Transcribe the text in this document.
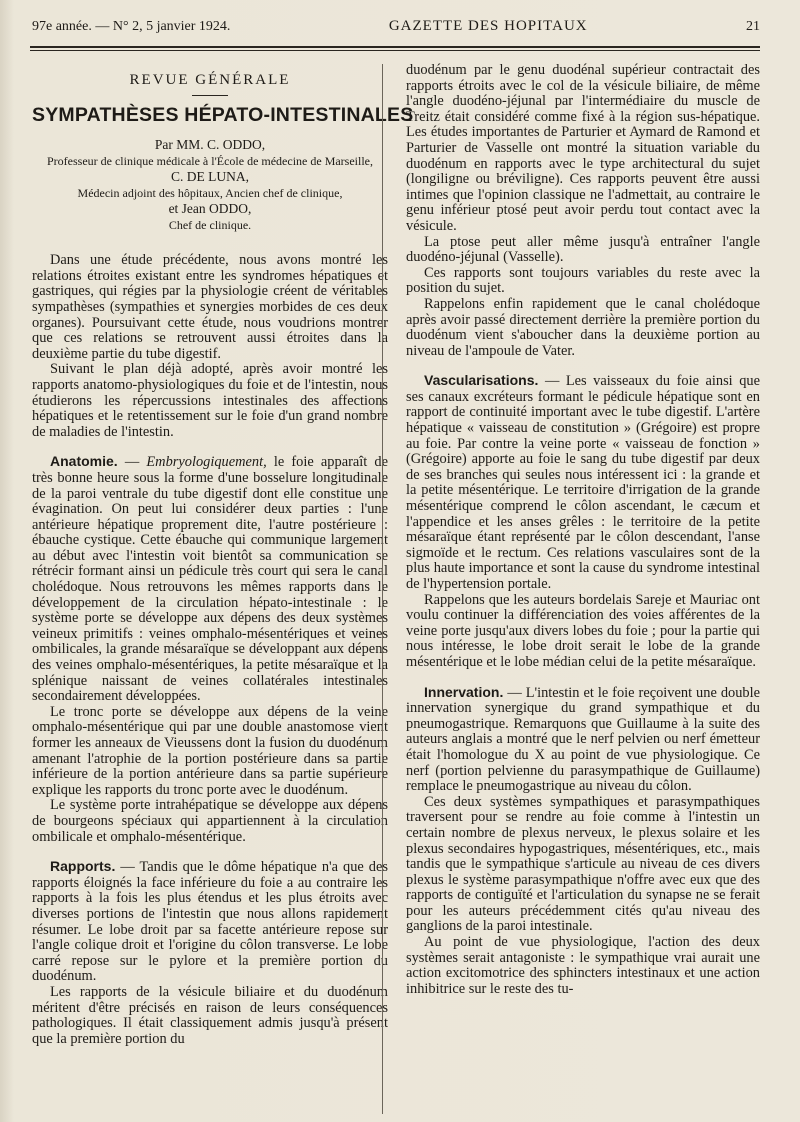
97e année. — N° 2, 5 janvier 1924.	GAZETTE DES HOPITAUX	21
REVUE GÉNÉRALE
SYMPATHÈSES HÉPATO-INTESTINALES
Par MM. C. ODDO,
Professeur de clinique médicale à l'École de médecine de Marseille,
C. DE LUNA,
Médecin adjoint des hôpitaux, Ancien chef de clinique,
et Jean ODDO,
Chef de clinique.

Dans une étude précédente, nous avons montré les relations étroites existant entre les syndromes hépatiques et gastriques, qui régies par la physiologie créent de véritables sympathèses (sympathies et synergies morbides de ces deux organes). Poursuivant cette étude, nous voudrions montrer que ces relations se retrouvent aussi étroites dans la deuxième partie du tube digestif.

Suivant le plan déjà adopté, après avoir montré les rapports anatomo-physiologiques du foie et de l'intestin, nous étudierons les répercussions intestinales des affections hépatiques et le retentissement sur le foie d'un grand nombre de maladies de l'intestin.

Anatomie. — Embryologiquement, le foie apparaît de très bonne heure sous la forme d'une bosselure longitudinale de la paroi ventrale du tube digestif dont elle constitue une évagination. On peut lui considérer deux parties : l'une antérieure hépatique proprement dite, l'autre postérieure : ébauche cystique. Cette ébauche qui communique largement au début avec l'intestin voit bientôt sa communication se rétrécir formant ainsi un pédicule très court qui sera le canal cholédoque. Nous retrouvons les mêmes rapports dans le développement de la circulation hépato-intestinale : le système porte se développe aux dépens des deux systèmes veineux primitifs : veines omphalo-mésentériques et veines ombilicales, la grande mésaraïque se développant aux dépens des veines omphalo-mésentériques, la petite mésaraïque et la splénique naissant de veines collatérales intestinales secondairement développées.

Le tronc porte se développe aux dépens de la veine omphalo-mésentérique qui par une double anastomose vient former les anneaux de Vieussens dont la fusion du duodénum amenant l'atrophie de la portion postérieure dans sa partie inférieure de la portion antérieure dans sa partie supérieure explique les rapports du tronc porte avec le duodénum.

Le système porte intrahépatique se développe aux dépens de bourgeons spéciaux qui appartiennent à la circulation ombilicale et omphalo-mésentérique.

Rapports. — Tandis que le dôme hépatique n'a que des rapports éloignés la face inférieure du foie a au contraire les rapports à la fois les plus étendus et les plus étroits avec diverses portions de l'intestin que nous allons rapidement résumer. Le lobe droit par sa facette antérieure repose sur l'angle colique droit et l'origine du côlon transverse. Le lobe carré repose sur le pylore et la première portion du duodénum.

Les rapports de la vésicule biliaire et du duodénum méritent d'être précisés en raison de leurs conséquences pathologiques. Il était classiquement admis jusqu'à présent que la première portion du

duodénum par le genu duodénal supérieur contractait des rapports étroits avec le col de la vésicule biliaire, de même l'angle duodéno-jéjunal par l'intermédiaire du muscle de Treitz était considéré comme fixé à la région sus-hépatique. Les études importantes de Parturier et Aymard de Ramond et Parturier de Vasselle ont montré la situation variable du duodénum en rapports avec le type architectural du sujet (longiligne ou bréviligne). Ces rapports peuvent être aussi intimes que l'opinion classique ne l'admettait, au contraire le genu inférieur ptosé peut avoir perdu tout contact avec la vésicule.

La ptose peut aller même jusqu'à entraîner l'angle duodéno-jéjunal (Vasselle).

Ces rapports sont toujours variables du reste avec la position du sujet.

Rappelons enfin rapidement que le canal cholédoque après avoir passé directement derrière la première portion du duodénum vient s'aboucher dans la deuxième portion au niveau de l'ampoule de Vater.

Vascularisations. — Les vaisseaux du foie ainsi que ses canaux excréteurs formant le pédicule hépatique sont en rapport de continuité important avec le tube digestif. L'artère hépatique « vaisseau de constitution » (Grégoire) est propre au foie. Par contre la veine porte « vaisseau de fonction » (Grégoire) apporte au foie le sang du tube digestif par deux de ses branches qui seules nous intéressent ici : la grande et la petite mésentérique. Le territoire d'irrigation de la grande mésentérique comprend le côlon ascendant, le cæcum et l'appendice et les anses grêles : le territoire de la petite mésaraïque étant représenté par le côlon descendant, l'anse sigmoïde et le rectum. Ces relations vasculaires sont de la plus haute importance et sont la cause du syndrome intestinal de l'hypertension portale.

Rappelons que les auteurs bordelais Sareje et Mauriac ont voulu continuer la différenciation des voies afférentes de la veine porte jusqu'aux divers lobes du foie ; pour la partie qui nous intéresse, le lobe droit serait le lobe de la grande mésentérique et le lobe médian celui de la petite mésaraïque.

Innervation. — L'intestin et le foie reçoivent une double innervation synergique du grand sympathique et du pneumogastrique. Remarquons que Guillaume à la suite des auteurs anglais a montré que le nerf pelvien ou nerf émetteur était l'homologue du X au point de vue physiologique. Ce nerf (portion pelvienne du parasympathique de Guillaume) remplace le pneumogastrique au niveau du côlon.

Ces deux systèmes sympathiques et parasympathiques traversent pour se rendre au foie comme à l'intestin un certain nombre de plexus nerveux, le plexus solaire et les plexus secondaires hypogastriques, mésentériques, etc., mais tandis que le sympathique s'articule au niveau de ces divers plexus le système parasympathique n'offre avec eux que des rapports de contiguïté et l'articulation du synapse ne se ferait pour les auteurs précédemment cités qu'au niveau des ganglions de la paroi intestinale.

Au point de vue physiologique, l'action des deux systèmes serait antagoniste : le sympathique vrai aurait une action excitomotrice des sphincters intestinaux et une action inhibitrice sur le reste des tu-
